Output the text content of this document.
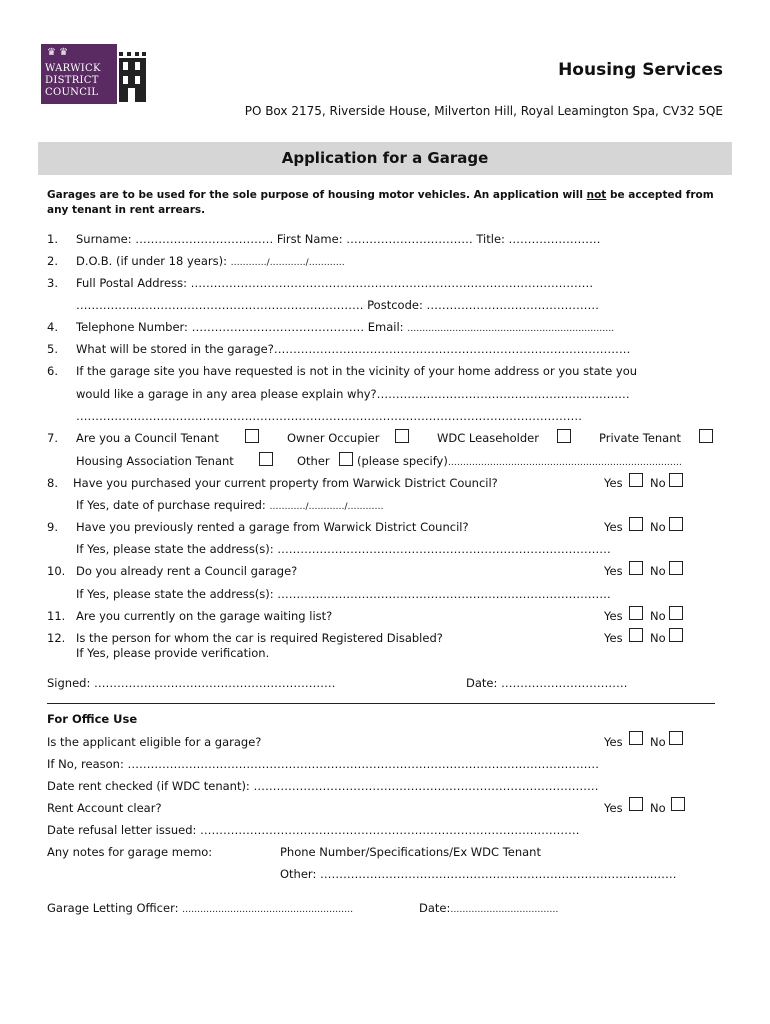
♛ ♛
WARWICK
DISTRICT
COUNCIL
Housing Services
PO Box 2175, Riverside House, Milverton Hill, Royal Leamington Spa, CV32 5QE
Application for a Garage
Garages are to be used for the sole purpose of housing motor vehicles. An application will not be accepted from any tenant in rent arrears.
1. Surname: ……………………………… First Name: …………………………… Title: ……………………
2. D.O.B. (if under 18 years): …………/…………/…………
3. Full Postal Address: ……………………………………………………………………………………………
………………………………………………………………… Postcode: ………………………………………
4. Telephone Number: ……………………………………… Email: ……………………………………………………………
5. What will be stored in the garage?…………………………………………………………………………………
6. If the garage site you have requested is not in the vicinity of your home address or you state you
would like a garage in any area please explain why?…………………………………………………………
……………………………………………………………………………………………………………………
7. Are you a Council Tenant	Owner Occupier	WDC Leaseholder	Private Tenant
Housing Association Tenant	Other (please specify)……………………………………………………………………
8. Have you purchased your current property from Warwick District Council?	Yes No
If Yes, date of purchase required: …………/…………/…………
9. Have you previously rented a garage from Warwick District Council?	Yes No
If Yes, please state the address(s): ……………………………………………………………………………
10. Do you already rent a Council garage?	Yes No
If Yes, please state the address(s): ……………………………………………………………………………
11. Are you currently on the garage waiting list?	Yes No
12. Is the person for whom the car is required Registered Disabled?	Yes No
If Yes, please provide verification.
Signed: ………………………………………………………	Date: ……………………………
For Office Use
Is the applicant eligible for a garage?	Yes No
If No, reason: ……………………………………………………………………………………………………………
Date rent checked (if WDC tenant): ………………………………………………………………………………
Rent Account clear?	Yes No
Date refusal letter issued: ………………………………………………………………………………………
Any notes for garage memo:	Phone Number/Specifications/Ex WDC Tenant
Other: …………………………………………………………………………………
Garage Letting Officer: …………………………………………………	Date:………………………………
